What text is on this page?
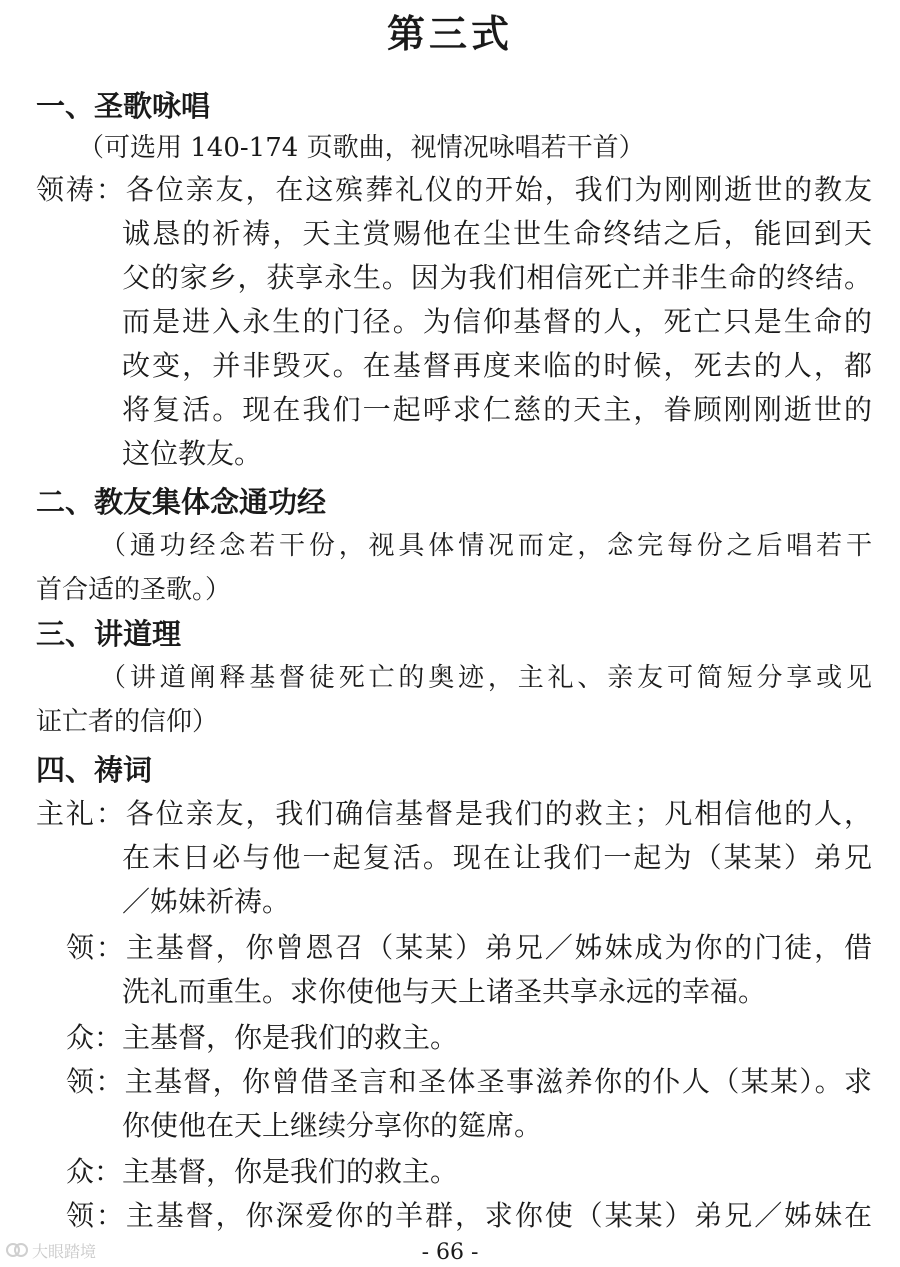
第三式
一、圣歌咏唱
（可选用 140-174 页歌曲，视情况咏唱若干首）
领祷：各位亲友，在这殡葬礼仪的开始，我们为刚刚逝世的教友
诚恳的祈祷，天主赏赐他在尘世生命终结之后，能回到天
父的家乡，获享永生。因为我们相信死亡并非生命的终结。
而是进入永生的门径。为信仰基督的人，死亡只是生命的
改变，并非毁灭。在基督再度来临的时候，死去的人，都
将复活。现在我们一起呼求仁慈的天主，眷顾刚刚逝世的
这位教友。
二、教友集体念通功经
（通功经念若干份，视具体情况而定，念完每份之后唱若干
首合适的圣歌。）
三、讲道理
（讲道阐释基督徒死亡的奥迹，主礼、亲友可简短分享或见
证亡者的信仰）
四、祷词
主礼：各位亲友，我们确信基督是我们的救主；凡相信他的人，
在末日必与他一起复活。现在让我们一起为（某某）弟兄
／姊妹祈祷。
领：主基督，你曾恩召（某某）弟兄／姊妹成为你的门徒，借
洗礼而重生。求你使他与天上诸圣共享永远的幸福。
众：主基督，你是我们的救主。
领：主基督，你曾借圣言和圣体圣事滋养你的仆人（某某）。求
你使他在天上继续分享你的筵席。
众：主基督，你是我们的救主。
领：主基督，你深爱你的羊群，求你使（某某）弟兄／姊妹在
- 66 -
大眼踏境
